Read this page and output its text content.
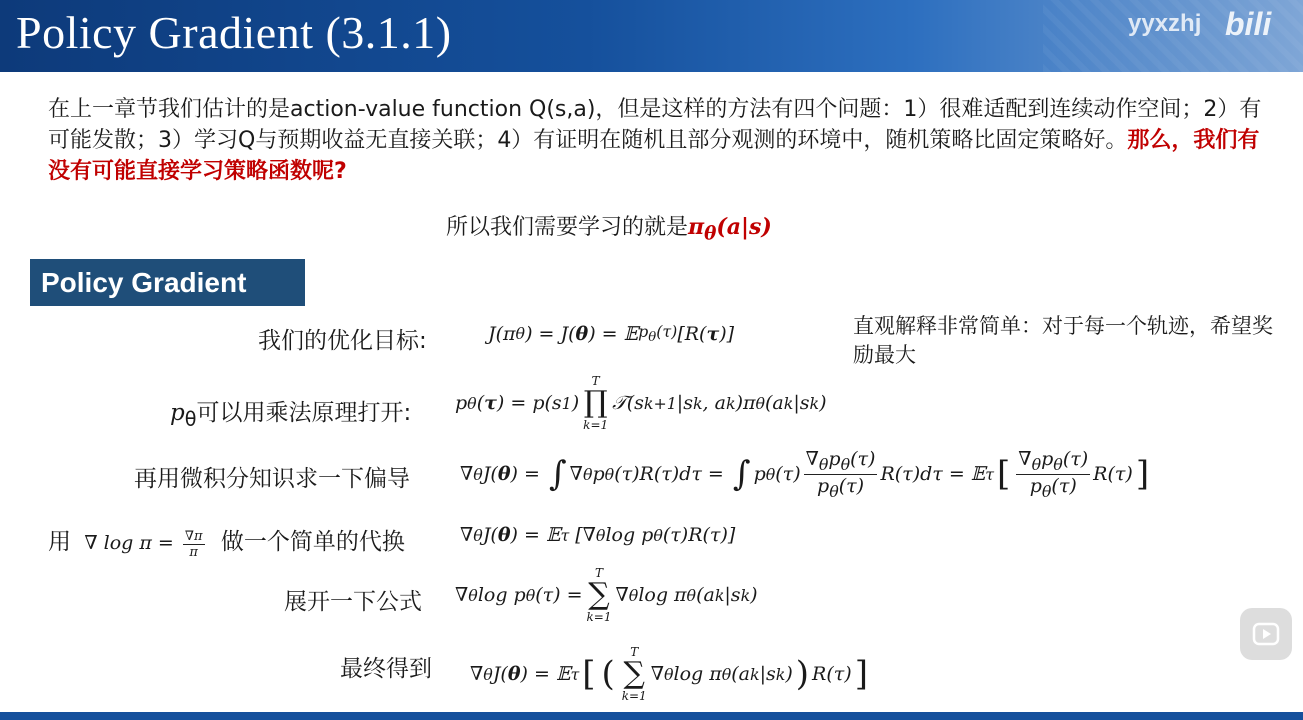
Policy Gradient (3.1.1)	yyxzhj bili
在上一章节我们估计的是action-value function Q(s,a)，但是这样的方法有四个问题：1）很难适配到连续动作空间；2）有可能发散；3）学习Q与预期收益无直接关联；4）有证明在随机且部分观测的环境中，随机策略比固定策略好。那么，我们有没有可能直接学习策略函数呢?
所以我们需要学习的就是$\pi_\theta(a|s)$
Policy Gradient
我们的优化目标:	J(π θ ) = J( θ ) = 𝔼 $p_\theta(\tau)$ [R( τ )]	直观解释非常简单：对于每一个轨迹，希望奖励最大
$p_\theta$可以用乘法原理打开: p θ ( τ ) = p(s 1 )
T
∏
k=1
𝒯(s k+1 |s k , a k )π θ (a k |s k )
再用微积分知识求一下偏导	∇ θ J( θ ) = ∫ ∇ θ p θ (τ)R(τ)dτ = ∫ p θ $(\tau) \frac{\nabla_\theta p_\theta(\tau)}{p_\theta(\tau)} R(\tau)d\tau$ = 𝔼 τ [ $\frac{\nabla_\theta p_\theta(\tau)}{p_\theta(\tau)} R(\tau)$ ]
用  ∇ $\log \pi = \frac{\nabla\pi}{\pi}$ 做一个简单的代换	∇ θ J( θ ) = 𝔼 τ [∇ θ log p θ (τ)R(τ)]
展开一下公式 ∇ θ log p θ (τ) =
T
∑
k=1
∇ θ log π θ (a k |s k )
最终得到 ∇ θ J( θ ) = 𝔼 τ [ (
T
∑
k=1
∇ θ log π θ (a k |s k ) ) R(τ) ]
